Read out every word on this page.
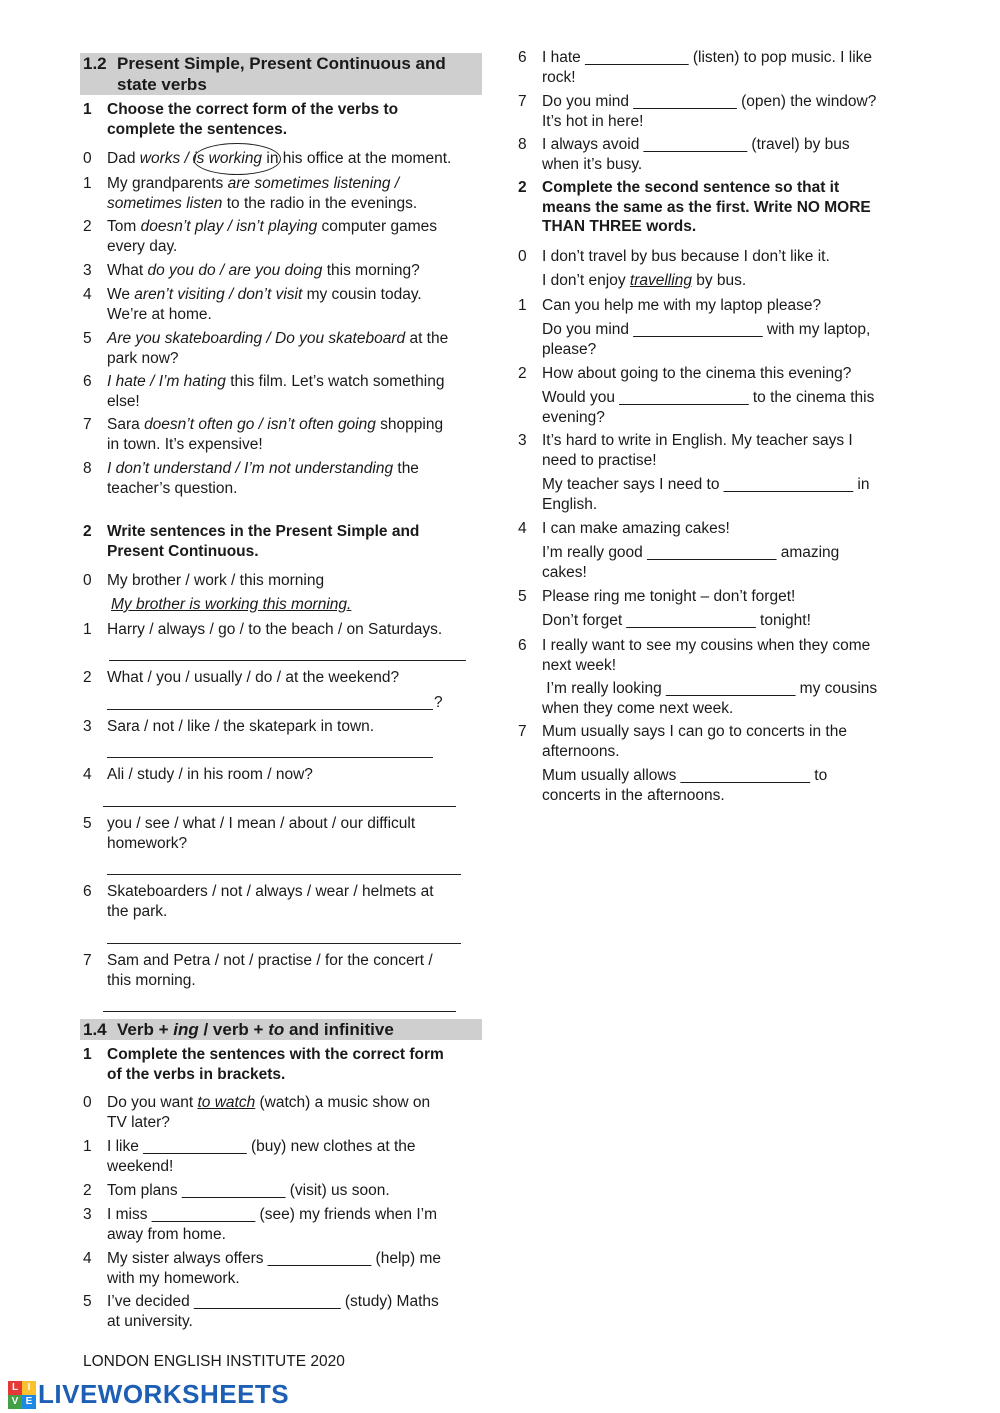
1.2 Present Simple, Present Continuous and
state verbs
1 Choose the correct form of the verbs to
complete the sentences.
0 Dad works / is working in his office at the moment.
1 My grandparents are sometimes listening /
sometimes listen to the radio in the evenings.
2 Tom doesn’t play / isn’t playing computer games
every day.
3 What do you do / are you doing this morning?
4 We aren’t visiting / don’t visit my cousin today.
We’re at home.
5 Are you skateboarding / Do you skateboard at the
park now?
6 I hate / I’m hating this film. Let’s watch something
else!
7 Sara doesn’t often go / isn’t often going shopping
in town. It’s expensive!
8 I don’t understand / I’m not understanding the
teacher’s question.
2 Write sentences in the Present Simple and
Present Continuous.
0 My brother / work / this morning
My brother is working this morning.
1 Harry / always / go / to the beach / on Saturdays.
2 What / you / usually / do / at the weekend?
?
3 Sara / not / like / the skatepark in town.
4 Ali / study / in his room / now?
5 you / see / what / I mean / about / our difficult
homework?
6 Skateboarders / not / always / wear / helmets at
the park.
7 Sam and Petra / not / practise / for the concert /
this morning.
1.4 Verb + ing / verb + to and infinitive
1 Complete the sentences with the correct form
of the verbs in brackets.
0 Do you want to watch (watch) a music show on
TV later?
1 I like ____________ (buy) new clothes at the
weekend!
2 Tom plans ____________ (visit) us soon.
3 I miss ____________ (see) my friends when I’m
away from home.
4 My sister always offers ____________ (help) me
with my homework.
5 I’ve decided _________________ (study) Maths
at university.
LONDON ENGLISH INSTITUTE 2020
6 I hate ____________ (listen) to pop music. I like
rock!
7 Do you mind ____________ (open) the window?
It’s hot in here!
8 I always avoid ____________ (travel) by bus
when it’s busy.
2 Complete the second sentence so that it
means the same as the first. Write NO MORE
THAN THREE words.
0 I don’t travel by bus because I don’t like it.
I don’t enjoy travelling by bus.
1 Can you help me with my laptop please?
Do you mind _______________ with my laptop,
please?
2 How about going to the cinema this evening?
Would you _______________ to the cinema this
evening?
3 It’s hard to write in English. My teacher says I
need to practise!
My teacher says I need to _______________ in
English.
4 I can make amazing cakes!
I’m really good _______________ amazing
cakes!
5 Please ring me tonight – don’t forget!
Don’t forget _______________ tonight!
6 I really want to see my cousins when they come
next week!
I’m really looking _______________ my cousins
when they come next week.
7 Mum usually says I can go to concerts in the
afternoons.
Mum usually allows _______________ to
concerts in the afternoons.
L I
V E LIVEWORKSHEETS
